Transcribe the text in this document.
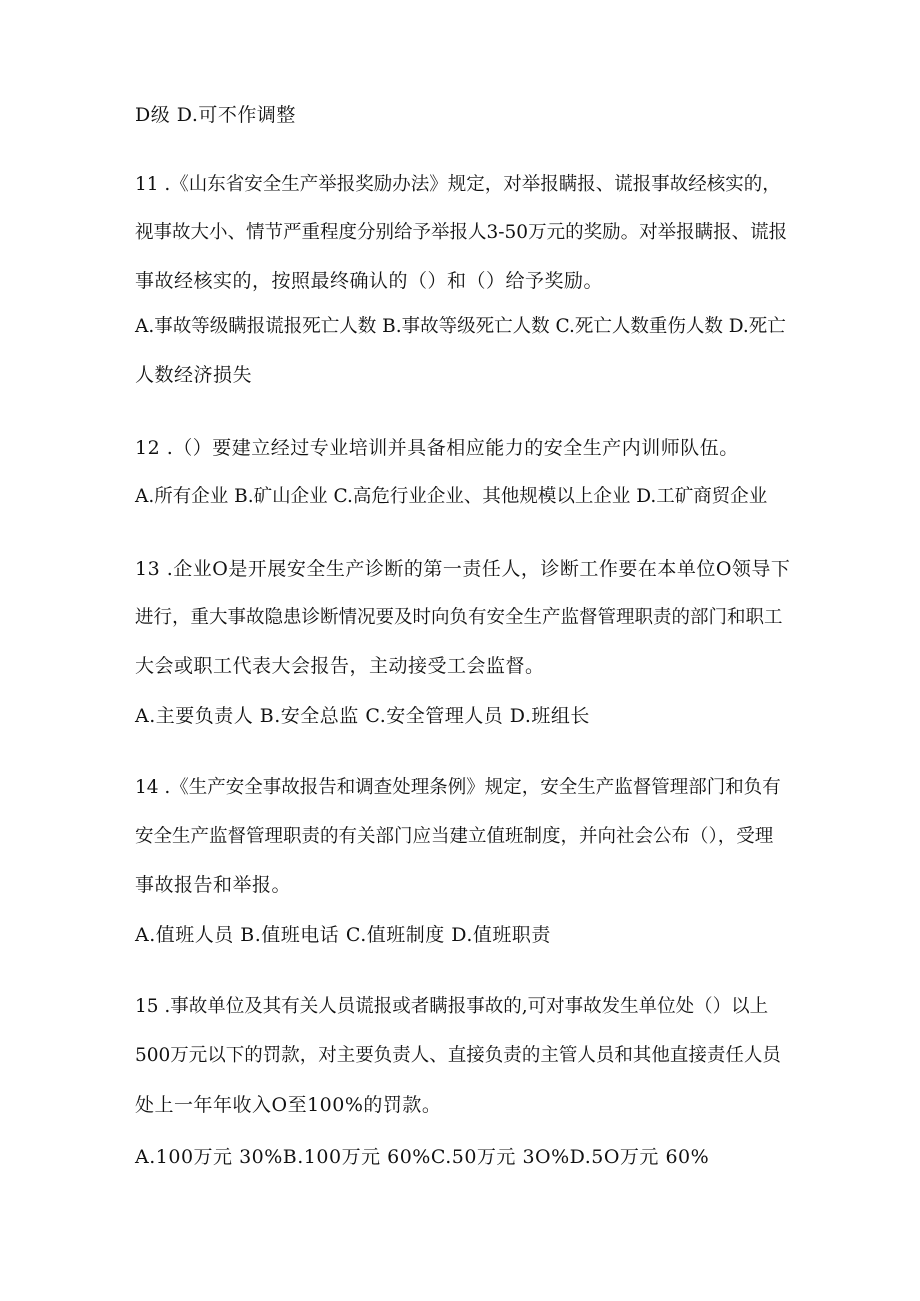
D级 D.可不作调整
11 .《山东省安全生产举报奖励办法》规定，对举报瞒报、谎报事故经核实的，
视事故大小、情节严重程度分别给予举报人3-50万元的奖励。对举报瞒报、谎报
事故经核实的，按照最终确认的（）和（）给予奖励。
A.事故等级瞒报谎报死亡人数 B.事故等级死亡人数 C.死亡人数重伤人数 D.死亡
人数经济损失
12 .（）要建立经过专业培训并具备相应能力的安全生产内训师队伍。
A.所有企业 B.矿山企业 C.高危行业企业、其他规模以上企业 D.工矿商贸企业
13 .企业O是开展安全生产诊断的第一责任人，诊断工作要在本单位O领导下
进行，重大事故隐患诊断情况要及时向负有安全生产监督管理职责的部门和职工
大会或职工代表大会报告，主动接受工会监督。
A.主要负责人 B.安全总监 C.安全管理人员 D.班组长
14 .《生产安全事故报告和调查处理条例》规定，安全生产监督管理部门和负有
安全生产监督管理职责的有关部门应当建立值班制度，并向社会公布（），受理
事故报告和举报。
A.值班人员 B.值班电话 C.值班制度 D.值班职责
15 .事故单位及其有关人员谎报或者瞒报事故的,可对事故发生单位处（）以上
500万元以下的罚款，对主要负责人、直接负责的主管人员和其他直接责任人员
处上一年年收入O至100%的罚款。
A.100万元 30%B.100万元 60%C.50万元 3O%D.5O万元 60%
